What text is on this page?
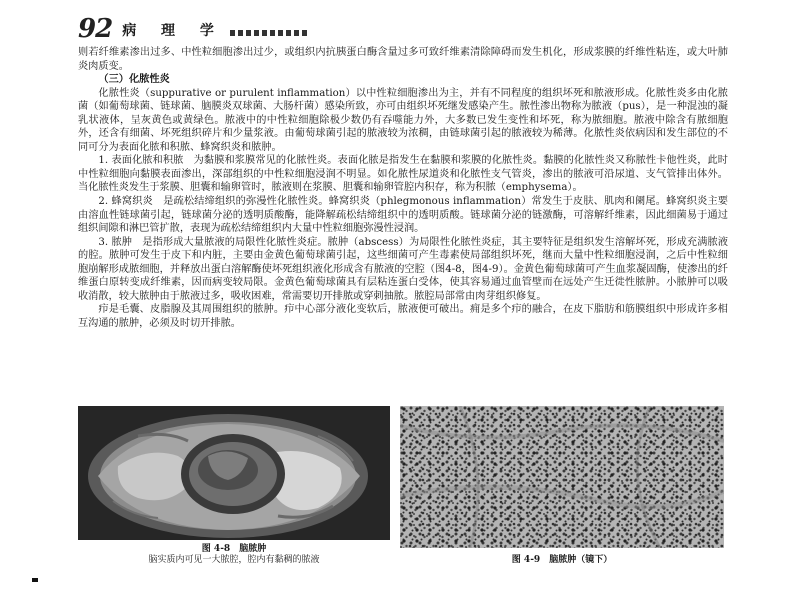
92 病 理 学

则若纤维素渗出过多、中性粒细胞渗出过少，或组织内抗胰蛋白酶含量过多可致纤维素清除障碍而发生机化，形成浆膜的纤维性粘连，或大叶肺炎肉质变。

（三）化脓性炎

化脓性炎（suppurative or purulent inflammation）以中性粒细胞渗出为主，并有不同程度的组织坏死和脓液形成。化脓性炎多由化脓菌（如葡萄球菌、链球菌、脑膜炎双球菌、大肠杆菌）感染所致，亦可由组织坏死继发感染产生。脓性渗出物称为脓液（pus），是一种混浊的凝乳状液体，呈灰黄色或黄绿色。脓液中的中性粒细胞除极少数仍有吞噬能力外，大多数已发生变性和坏死，称为脓细胞。脓液中除含有脓细胞外，还含有细菌、坏死组织碎片和少量浆液。由葡萄球菌引起的脓液较为浓稠，由链球菌引起的脓液较为稀薄。化脓性炎依病因和发生部位的不同可分为表面化脓和积脓、蜂窝织炎和脓肿。

1. 表面化脓和积脓　为黏膜和浆膜常见的化脓性炎。表面化脓是指发生在黏膜和浆膜的化脓性炎。黏膜的化脓性炎又称脓性卡他性炎，此时中性粒细胞向黏膜表面渗出，深部组织的中性粒细胞浸润不明显。如化脓性尿道炎和化脓性支气管炎，渗出的脓液可沿尿道、支气管排出体外。当化脓性炎发生于浆膜、胆囊和输卵管时，脓液则在浆膜、胆囊和输卵管腔内积存，称为积脓（emphysema）。

2. 蜂窝织炎　是疏松结缔组织的弥漫性化脓性炎。蜂窝织炎（phlegmonous inflammation）常发生于皮肤、肌肉和阑尾。蜂窝织炎主要由溶血性链球菌引起，链球菌分泌的透明质酸酶，能降解疏松结缔组织中的透明质酸。链球菌分泌的链激酶，可溶解纤维素，因此细菌易于通过组织间隙和淋巴管扩散，表现为疏松结缔组织内大量中性粒细胞弥漫性浸润。

3. 脓肿　是指形成大量脓液的局限性化脓性炎症。脓肿（abscess）为局限性化脓性炎症，其主要特征是组织发生溶解坏死，形成充满脓液的腔。脓肿可发生于皮下和内脏，主要由金黄色葡萄球菌引起，这些细菌可产生毒素使局部组织坏死，继而大量中性粒细胞浸润，之后中性粒细胞崩解形成脓细胞，并释放出蛋白溶解酶使坏死组织液化形成含有脓液的空腔（图4-8，图4-9）。金黄色葡萄球菌可产生血浆凝固酶，使渗出的纤维蛋白原转变成纤维素，因而病变较局限。金黄色葡萄球菌具有层粘连蛋白受体，使其容易通过血管壁而在远处产生迁徙性脓肿。小脓肿可以吸收消散，较大脓肿由于脓液过多，吸收困难，常需要切开排脓或穿刺抽脓。脓腔局部常由肉芽组织修复。

疖是毛囊、皮脂腺及其周围组织的脓肿。疖中心部分液化变软后，脓液便可破出。痈是多个疖的融合，在皮下脂肪和筋膜组织中形成许多相互沟通的脓肿，必须及时切开排脓。

图 4-8　脑脓肿
脑实质内可见一大脓腔，腔内有黏稠的脓液	图 4-9　脑脓肿（镜下）
